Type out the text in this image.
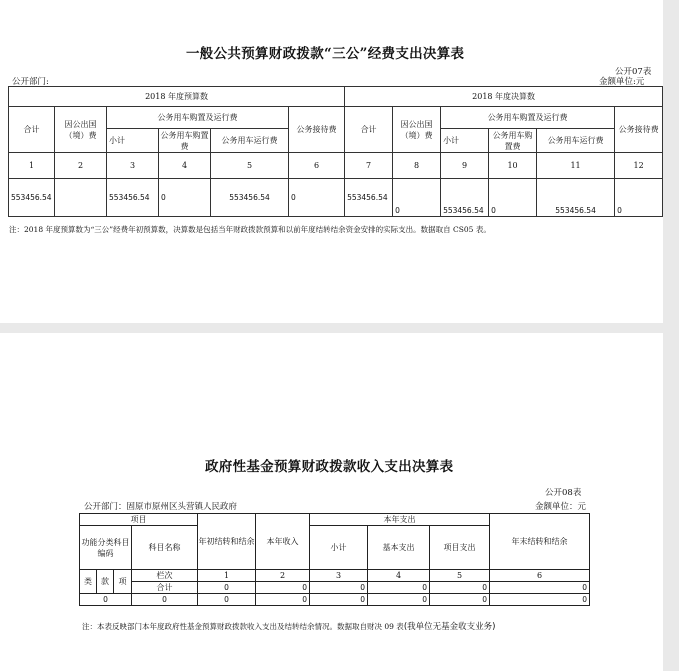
一般公共预算财政拨款“三公”经费支出决算表
公开07表
公开部门:	金额单位:元
2018 年度预算数						2018 年度决算数					
合计	因公出国（境）费	公务用车购置及运行费			公务接待费	合计	因公出国（境）费	公务用车购置及运行费			公务接待费
		小计	公务用车购置费	公务用车运行费				小计	公务用车购置费	公务用车运行费	
1	2	3	4	5	6	7	8	9	10	11	12
553456.54		553456.54	0	553456.54	0	553456.54	0	553456.54	0	553456.54	0
注：2018 年度预算数为“三公”经费年初预算数，决算数是包括当年财政拨款预算和以前年度结转结余资金安排的实际支出。数据取自 CS05 表。
政府性基金预算财政拨款收入支出决算表
公开08表
公开部门：固原市原州区头营镇人民政府	金额单位：元
项目				年初结转和结余	本年收入	本年支出			年末结转和结余
功能分类科目编码			科目名称			小计	基本支出	项目支出	

类	款	项	栏次	1	2	3	4	5	6
			合计	0	0	0	0	0	0
0			0	0	0	0	0	0	0
注：本表反映部门本年度政府性基金预算财政拨款收入支出及结转结余情况。数据取自财决 09 表(我单位无基金收支业务)
